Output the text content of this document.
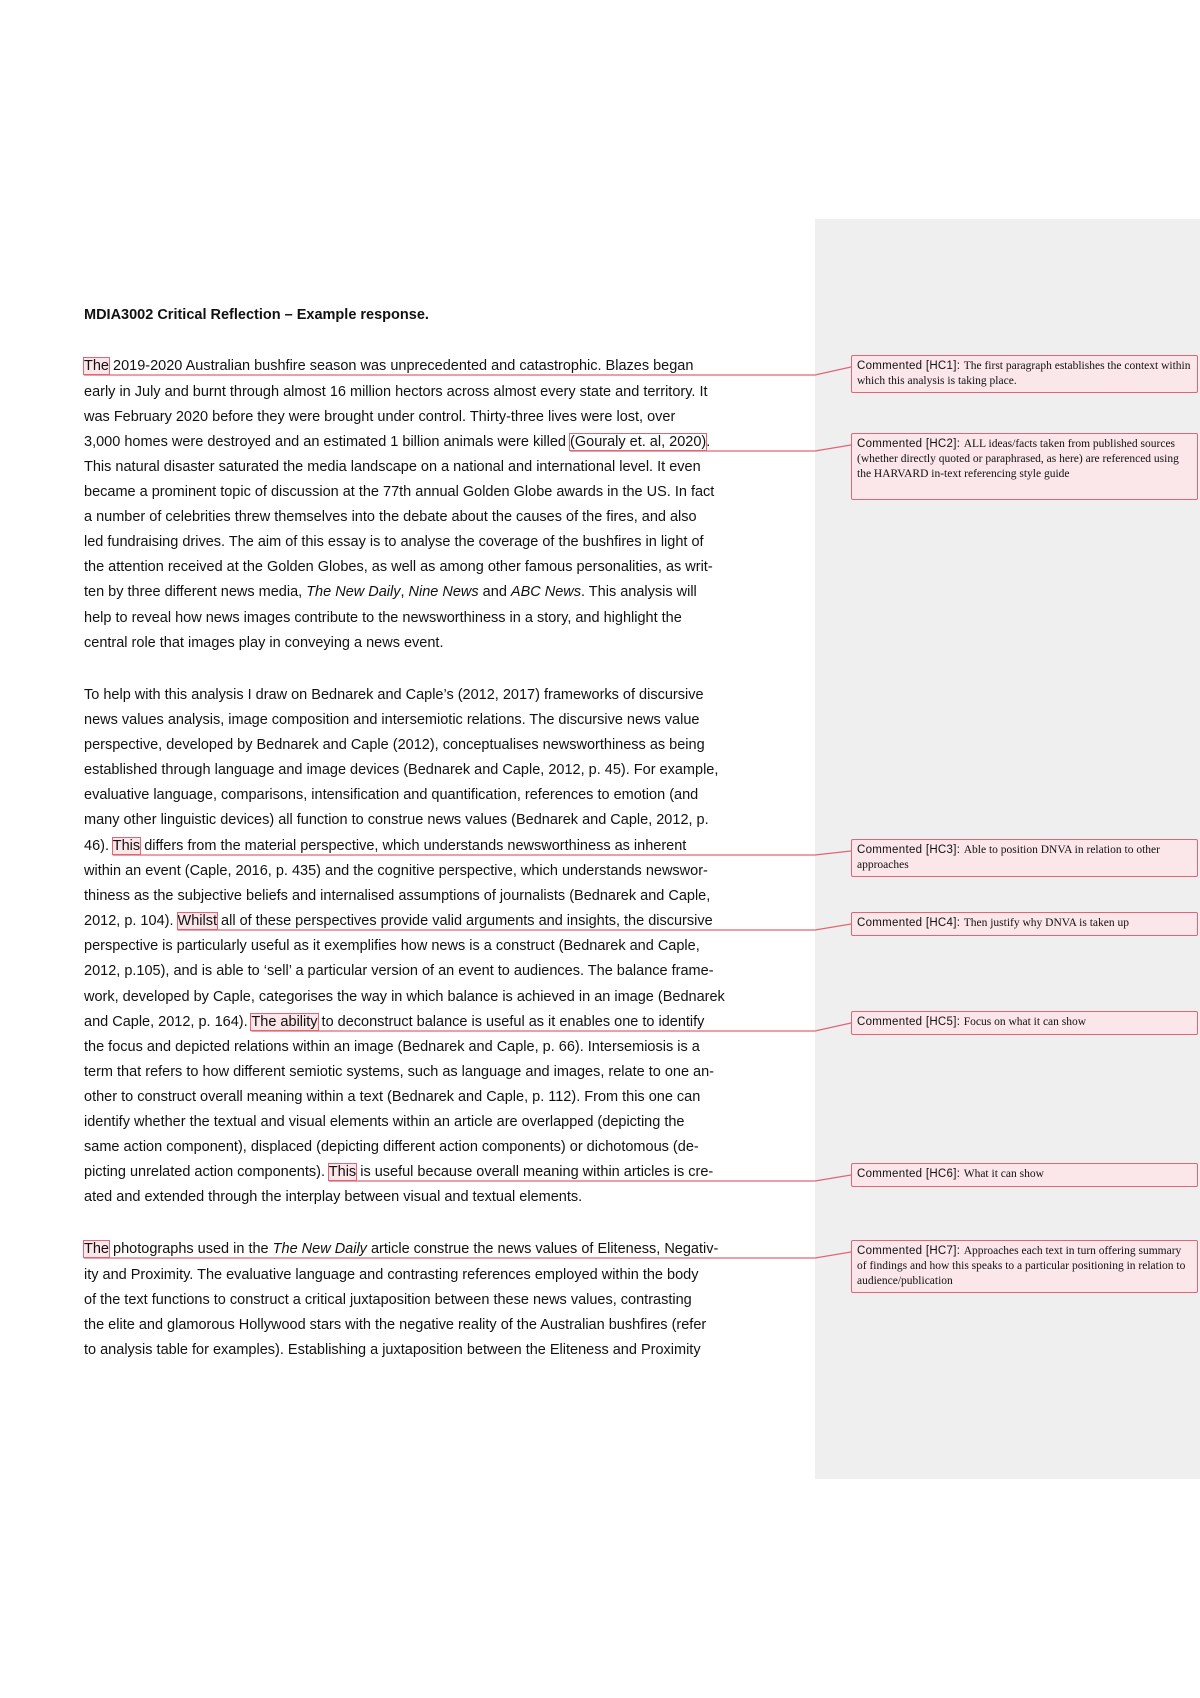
MDIA3002 Critical Reflection – Example response.
The 2019-2020 Australian bushfire season was unprecedented and catastrophic. Blazes began
early in July and burnt through almost 16 million hectors across almost every state and territory. It
was February 2020 before they were brought under control. Thirty-three lives were lost, over
3,000 homes were destroyed and an estimated 1 billion animals were killed (Gouraly et. al, 2020).
This natural disaster saturated the media landscape on a national and international level. It even
became a prominent topic of discussion at the 77th annual Golden Globe awards in the US. In fact
a number of celebrities threw themselves into the debate about the causes of the fires, and also
led fundraising drives. The aim of this essay is to analyse the coverage of the bushfires in light of
the attention received at the Golden Globes, as well as among other famous personalities, as writ-
ten by three different news media, The New Daily, Nine News and ABC News. This analysis will
help to reveal how news images contribute to the newsworthiness in a story, and highlight the
central role that images play in conveying a news event.
To help with this analysis I draw on Bednarek and Caple’s (2012, 2017) frameworks of discursive
news values analysis, image composition and intersemiotic relations. The discursive news value
perspective, developed by Bednarek and Caple (2012), conceptualises newsworthiness as being
established through language and image devices (Bednarek and Caple, 2012, p. 45). For example,
evaluative language, comparisons, intensification and quantification, references to emotion (and
many other linguistic devices) all function to construe news values (Bednarek and Caple, 2012, p.
46). This differs from the material perspective, which understands newsworthiness as inherent
within an event (Caple, 2016, p. 435) and the cognitive perspective, which understands newswor-
thiness as the subjective beliefs and internalised assumptions of journalists (Bednarek and Caple,
2012, p. 104). Whilst all of these perspectives provide valid arguments and insights, the discursive
perspective is particularly useful as it exemplifies how news is a construct (Bednarek and Caple,
2012, p.105), and is able to ‘sell’ a particular version of an event to audiences. The balance frame-
work, developed by Caple, categorises the way in which balance is achieved in an image (Bednarek
and Caple, 2012, p. 164). The ability to deconstruct balance is useful as it enables one to identify
the focus and depicted relations within an image (Bednarek and Caple, p. 66). Intersemiosis is a
term that refers to how different semiotic systems, such as language and images, relate to one an-
other to construct overall meaning within a text (Bednarek and Caple, p. 112). From this one can
identify whether the textual and visual elements within an article are overlapped (depicting the
same action component), displaced (depicting different action components) or dichotomous (de-
picting unrelated action components). This is useful because overall meaning within articles is cre-
ated and extended through the interplay between visual and textual elements.
The photographs used in the The New Daily article construe the news values of Eliteness, Negativ-
ity and Proximity. The evaluative language and contrasting references employed within the body
of the text functions to construct a critical juxtaposition between these news values, contrasting
the elite and glamorous Hollywood stars with the negative reality of the Australian bushfires (refer
to analysis table for examples). Establishing a juxtaposition between the Eliteness and Proximity
Commented [HC1]: The first paragraph establishes the context within which this analysis is taking place.
Commented [HC2]: ALL ideas/facts taken from published sources (whether directly quoted or paraphrased, as here) are referenced using the HARVARD in-text referencing style guide
Commented [HC3]: Able to position DNVA in relation to other approaches
Commented [HC4]: Then justify why DNVA is taken up
Commented [HC5]: Focus on what it can show
Commented [HC6]: What it can show
Commented [HC7]: Approaches each text in turn offering summary of findings and how this speaks to a particular positioning in relation to audience/publication
